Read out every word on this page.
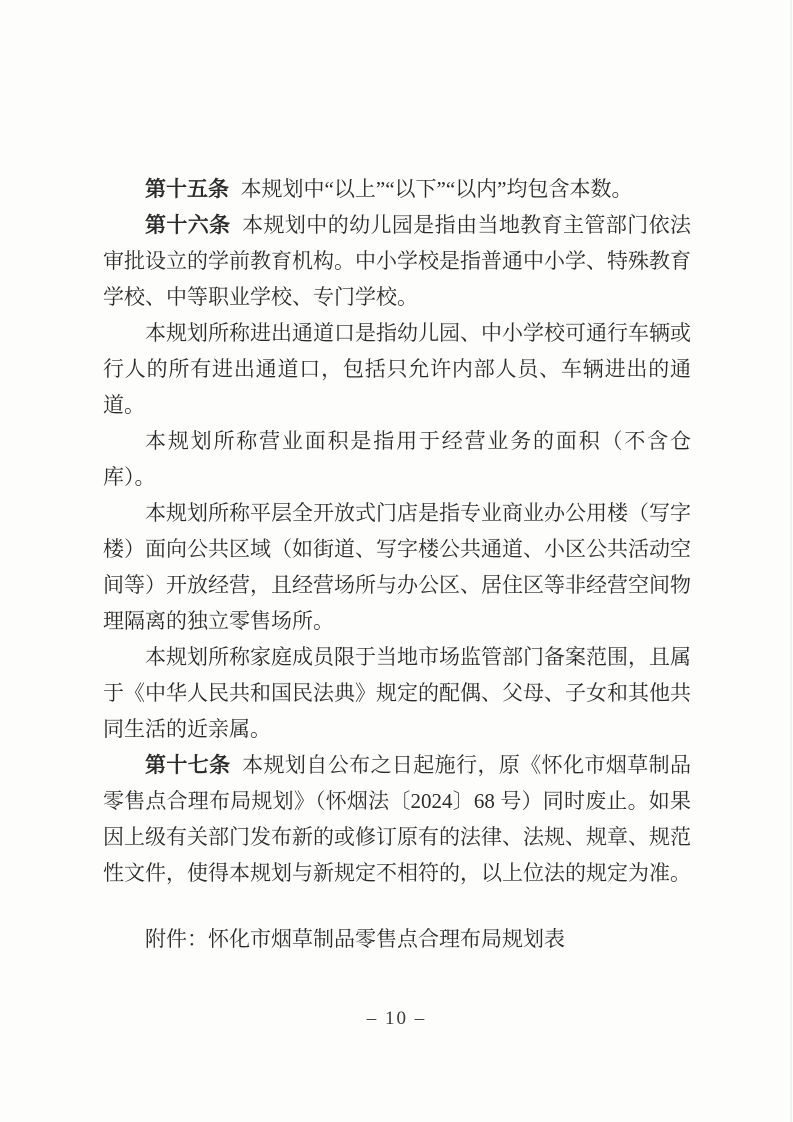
第十五条 本规划中“以上”“以下”“以内”均包含本数。

第十六条 本规划中的幼儿园是指由当地教育主管部门依法审批设立的学前教育机构。中小学校是指普通中小学、特殊教育学校、中等职业学校、专门学校。

本规划所称进出通道口是指幼儿园、中小学校可通行车辆或行人的所有进出通道口，包括只允许内部人员、车辆进出的通道。

本规划所称营业面积是指用于经营业务的面积（不含仓库）。

本规划所称平层全开放式门店是指专业商业办公用楼（写字楼）面向公共区域（如街道、写字楼公共通道、小区公共活动空间等）开放经营，且经营场所与办公区、居住区等非经营空间物理隔离的独立零售场所。

本规划所称家庭成员限于当地市场监管部门备案范围，且属于《中华人民共和国民法典》规定的配偶、父母、子女和其他共同生活的近亲属。

第十七条 本规划自公布之日起施行，原《怀化市烟草制品零售点合理布局规划》（怀烟法〔2024〕68 号）同时废止。如果因上级有关部门发布新的或修订原有的法律、法规、规章、规范性文件，使得本规划与新规定不相符的，以上位法的规定为准。

附件：怀化市烟草制品零售点合理布局规划表

– 10 –
